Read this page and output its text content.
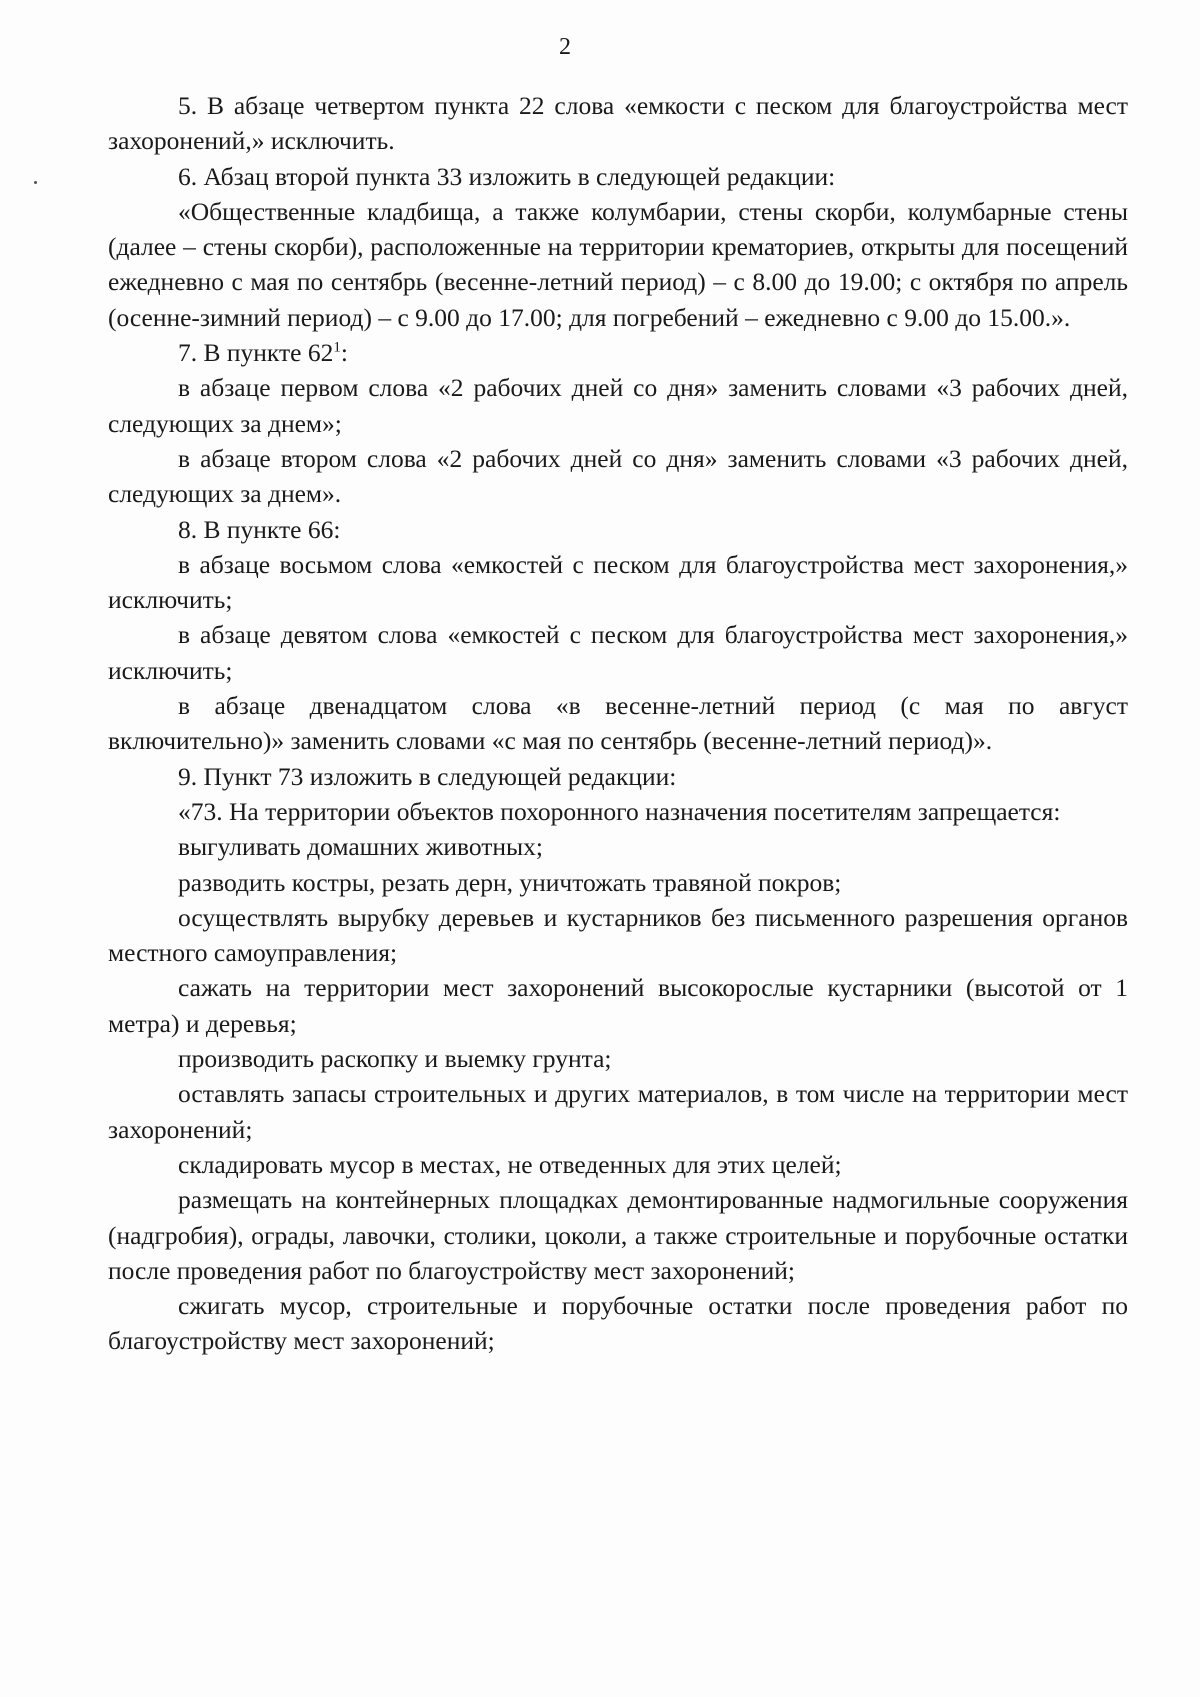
2

5. В абзаце четвертом пункта 22 слова «емкости с песком для благоустройства мест захоронений,» исключить.

6. Абзац второй пункта 33 изложить в следующей редакции:

«Общественные кладбища, а также колумбарии, стены скорби, колумбарные стены (далее – стены скорби), расположенные на территории крематориев, открыты для посещений ежедневно с мая по сентябрь (весенне-летний период) – с 8.00 до 19.00; с октября по апрель (осенне-зимний период) – с 9.00 до 17.00; для погребений – ежедневно с 9.00 до 15.00.».

7. В пункте $62^1$:

в абзаце первом слова «2 рабочих дней со дня» заменить словами «3 рабочих дней, следующих за днем»;

в абзаце втором слова «2 рабочих дней со дня» заменить словами «3 рабочих дней, следующих за днем».

8. В пункте 66:

в абзаце восьмом слова «емкостей с песком для благоустройства мест захоронения,» исключить;

в абзаце девятом слова «емкостей с песком для благоустройства мест захоронения,» исключить;

в абзаце двенадцатом слова «в весенне-летний период (с мая по август включительно)» заменить словами «с мая по сентябрь (весенне-летний период)».

9. Пункт 73 изложить в следующей редакции:

«73. На территории объектов похоронного назначения посетителям запрещается:

выгуливать домашних животных;

разводить костры, резать дерн, уничтожать травяной покров;

осуществлять вырубку деревьев и кустарников без письменного разрешения органов местного самоуправления;

сажать на территории мест захоронений высокорослые кустарники (высотой от 1 метра) и деревья;

производить раскопку и выемку грунта;

оставлять запасы строительных и других материалов, в том числе на территории мест захоронений;

складировать мусор в местах, не отведенных для этих целей;

размещать на контейнерных площадках демонтированные надмогильные сооружения (надгробия), ограды, лавочки, столики, цоколи, а также строительные и порубочные остатки после проведения работ по благоустройству мест захоронений;

сжигать мусор, строительные и порубочные остатки после проведения работ по благоустройству мест захоронений;
